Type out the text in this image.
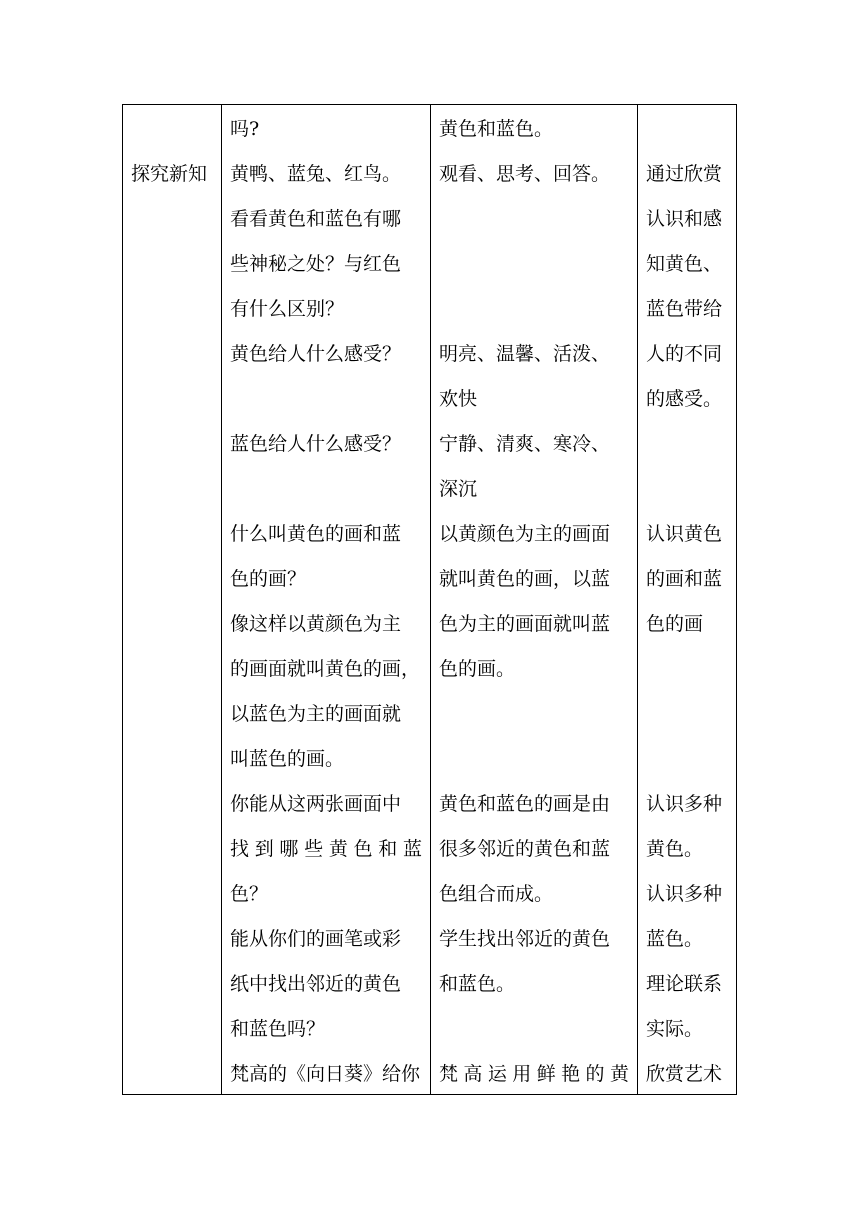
探究新知
吗?
黄鸭、蓝兔、红鸟。
看看黄色和蓝色有哪
些神秘之处？与红色
有什么区别？
黄色给人什么感受？
蓝色给人什么感受？
什么叫黄色的画和蓝
色的画？
像这样以黄颜色为主
的画面就叫黄色的画，
以蓝色为主的画面就
叫蓝色的画。
你能从这两张画面中
找到哪些黄色和蓝
色？
能从你们的画笔或彩
纸中找出邻近的黄色
和蓝色吗？
梵高的《向日葵》给你
黄色和蓝色。
观看、思考、回答。
明亮、温馨、活泼、
欢快
宁静、清爽、寒冷、
深沉
以黄颜色为主的画面
就叫黄色的画，以蓝
色为主的画面就叫蓝
色的画。
黄色和蓝色的画是由
很多邻近的黄色和蓝
色组合而成。
学生找出邻近的黄色
和蓝色。
梵高运用鲜艳的黄
通过欣赏
认识和感
知黄色、
蓝色带给
人的不同
的感受。
认识黄色
的画和蓝
色的画
认识多种
黄色。
认识多种
蓝色。
理论联系
实际。
欣赏艺术
